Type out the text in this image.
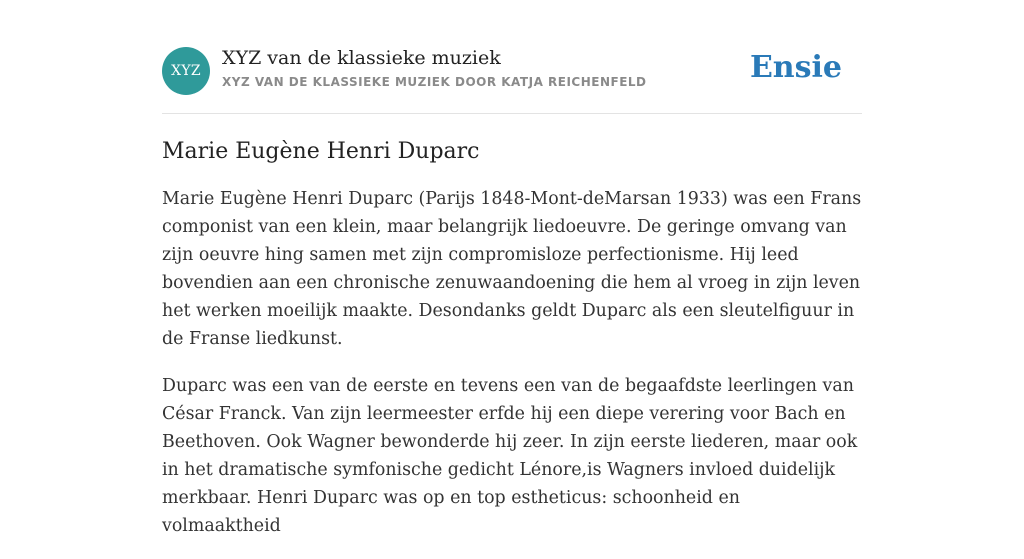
XYZ
XYZ van de klassieke muziek
XYZ VAN DE KLASSIEKE MUZIEK DOOR KATJA REICHENFELD	Ensie
Marie Eugène Henri Duparc

Marie Eugène Henri Duparc (Parijs 1848-Mont-deMarsan 1933) was een Frans componist van een klein, maar belangrijk liedoeuvre. De geringe omvang van zijn oeuvre hing samen met zijn compromisloze perfectionisme. Hij leed bovendien aan een chronische zenuwaandoening die hem al vroeg in zijn leven het werken moeilijk maakte. Desondanks geldt Duparc als een sleutelfiguur in de Franse liedkunst.

Duparc was een van de eerste en tevens een van de begaafdste leerlingen van César Franck. Van zijn leermeester erfde hij een diepe verering voor Bach en Beethoven. Ook Wagner bewonderde hij zeer. In zijn eerste liederen, maar ook in het dramatische symfonische gedicht Lénore,is Wagners invloed duidelijk merkbaar. Henri Duparc was op en top estheticus: schoonheid en volmaaktheid
